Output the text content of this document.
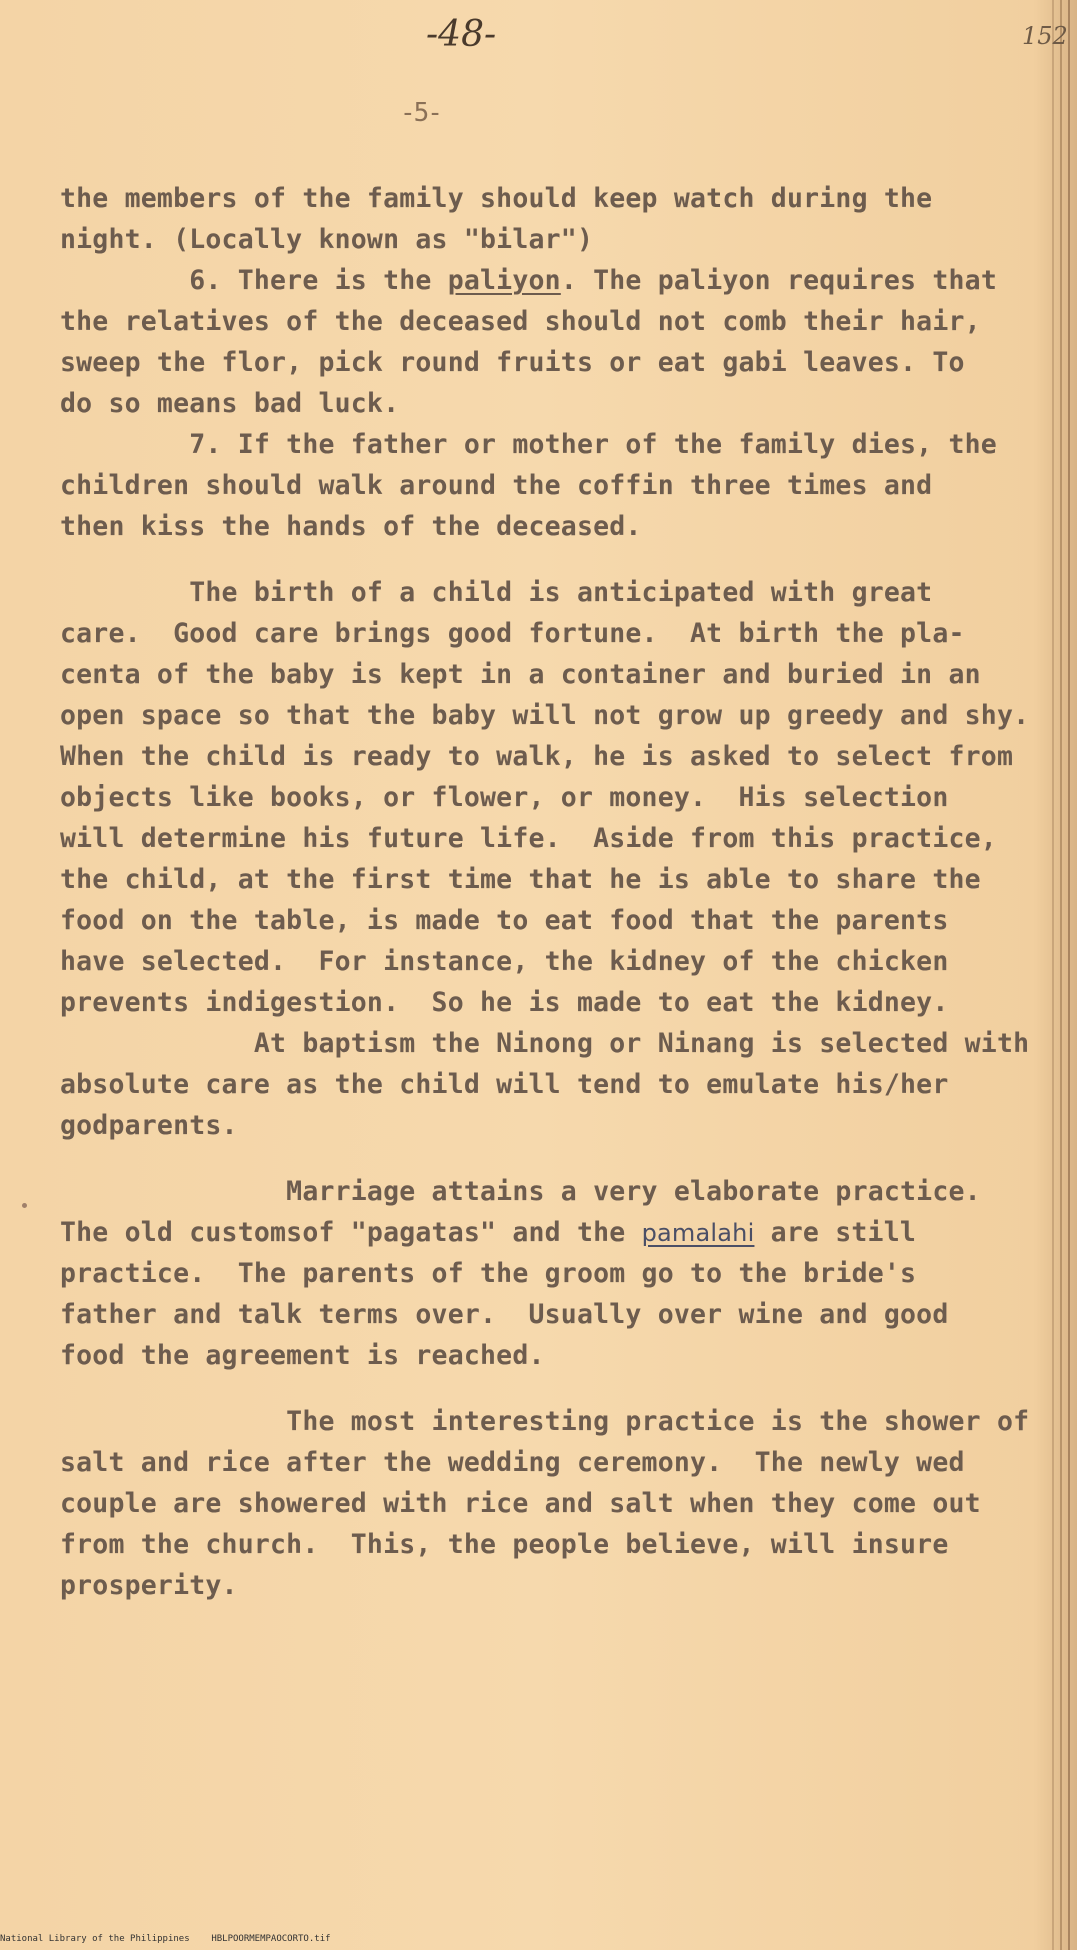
-48-	152
-5-
the members of the family should keep watch during the
night. (Locally known as "bilar")
6. There is the paliyon. The paliyon requires that
the relatives of the deceased should not comb their hair,
sweep the flor, pick round fruits or eat gabi leaves. To
do so means bad luck.
7. If the father or mother of the family dies, the
children should walk around the coffin three times and
then kiss the hands of the deceased.
The birth of a child is anticipated with great
care.  Good care brings good fortune.  At birth the pla-
centa of the baby is kept in a container and buried in an
open space so that the baby will not grow up greedy and shy.
When the child is ready to walk, he is asked to select from
objects like books, or flower, or money.  His selection
will determine his future life.  Aside from this practice,
the child, at the first time that he is able to share the
food on the table, is made to eat food that the parents
have selected.  For instance, the kidney of the chicken
prevents indigestion.  So he is made to eat the kidney.
At baptism the Ninong or Ninang is selected with
absolute care as the child will tend to emulate his/her
godparents.
Marriage attains a very elaborate practice.
The old customsof "pagatas" and the pamalahi are still
practice.  The parents of the groom go to the bride's
father and talk terms over.  Usually over wine and good
food the agreement is reached.
The most interesting practice is the shower of
salt and rice after the wedding ceremony.  The newly wed
couple are showered with rice and salt when they come out
from the church.  This, the people believe, will insure
prosperity.
National Library of the Philippines    HBLPOORMEMPAOCORTO.tif
